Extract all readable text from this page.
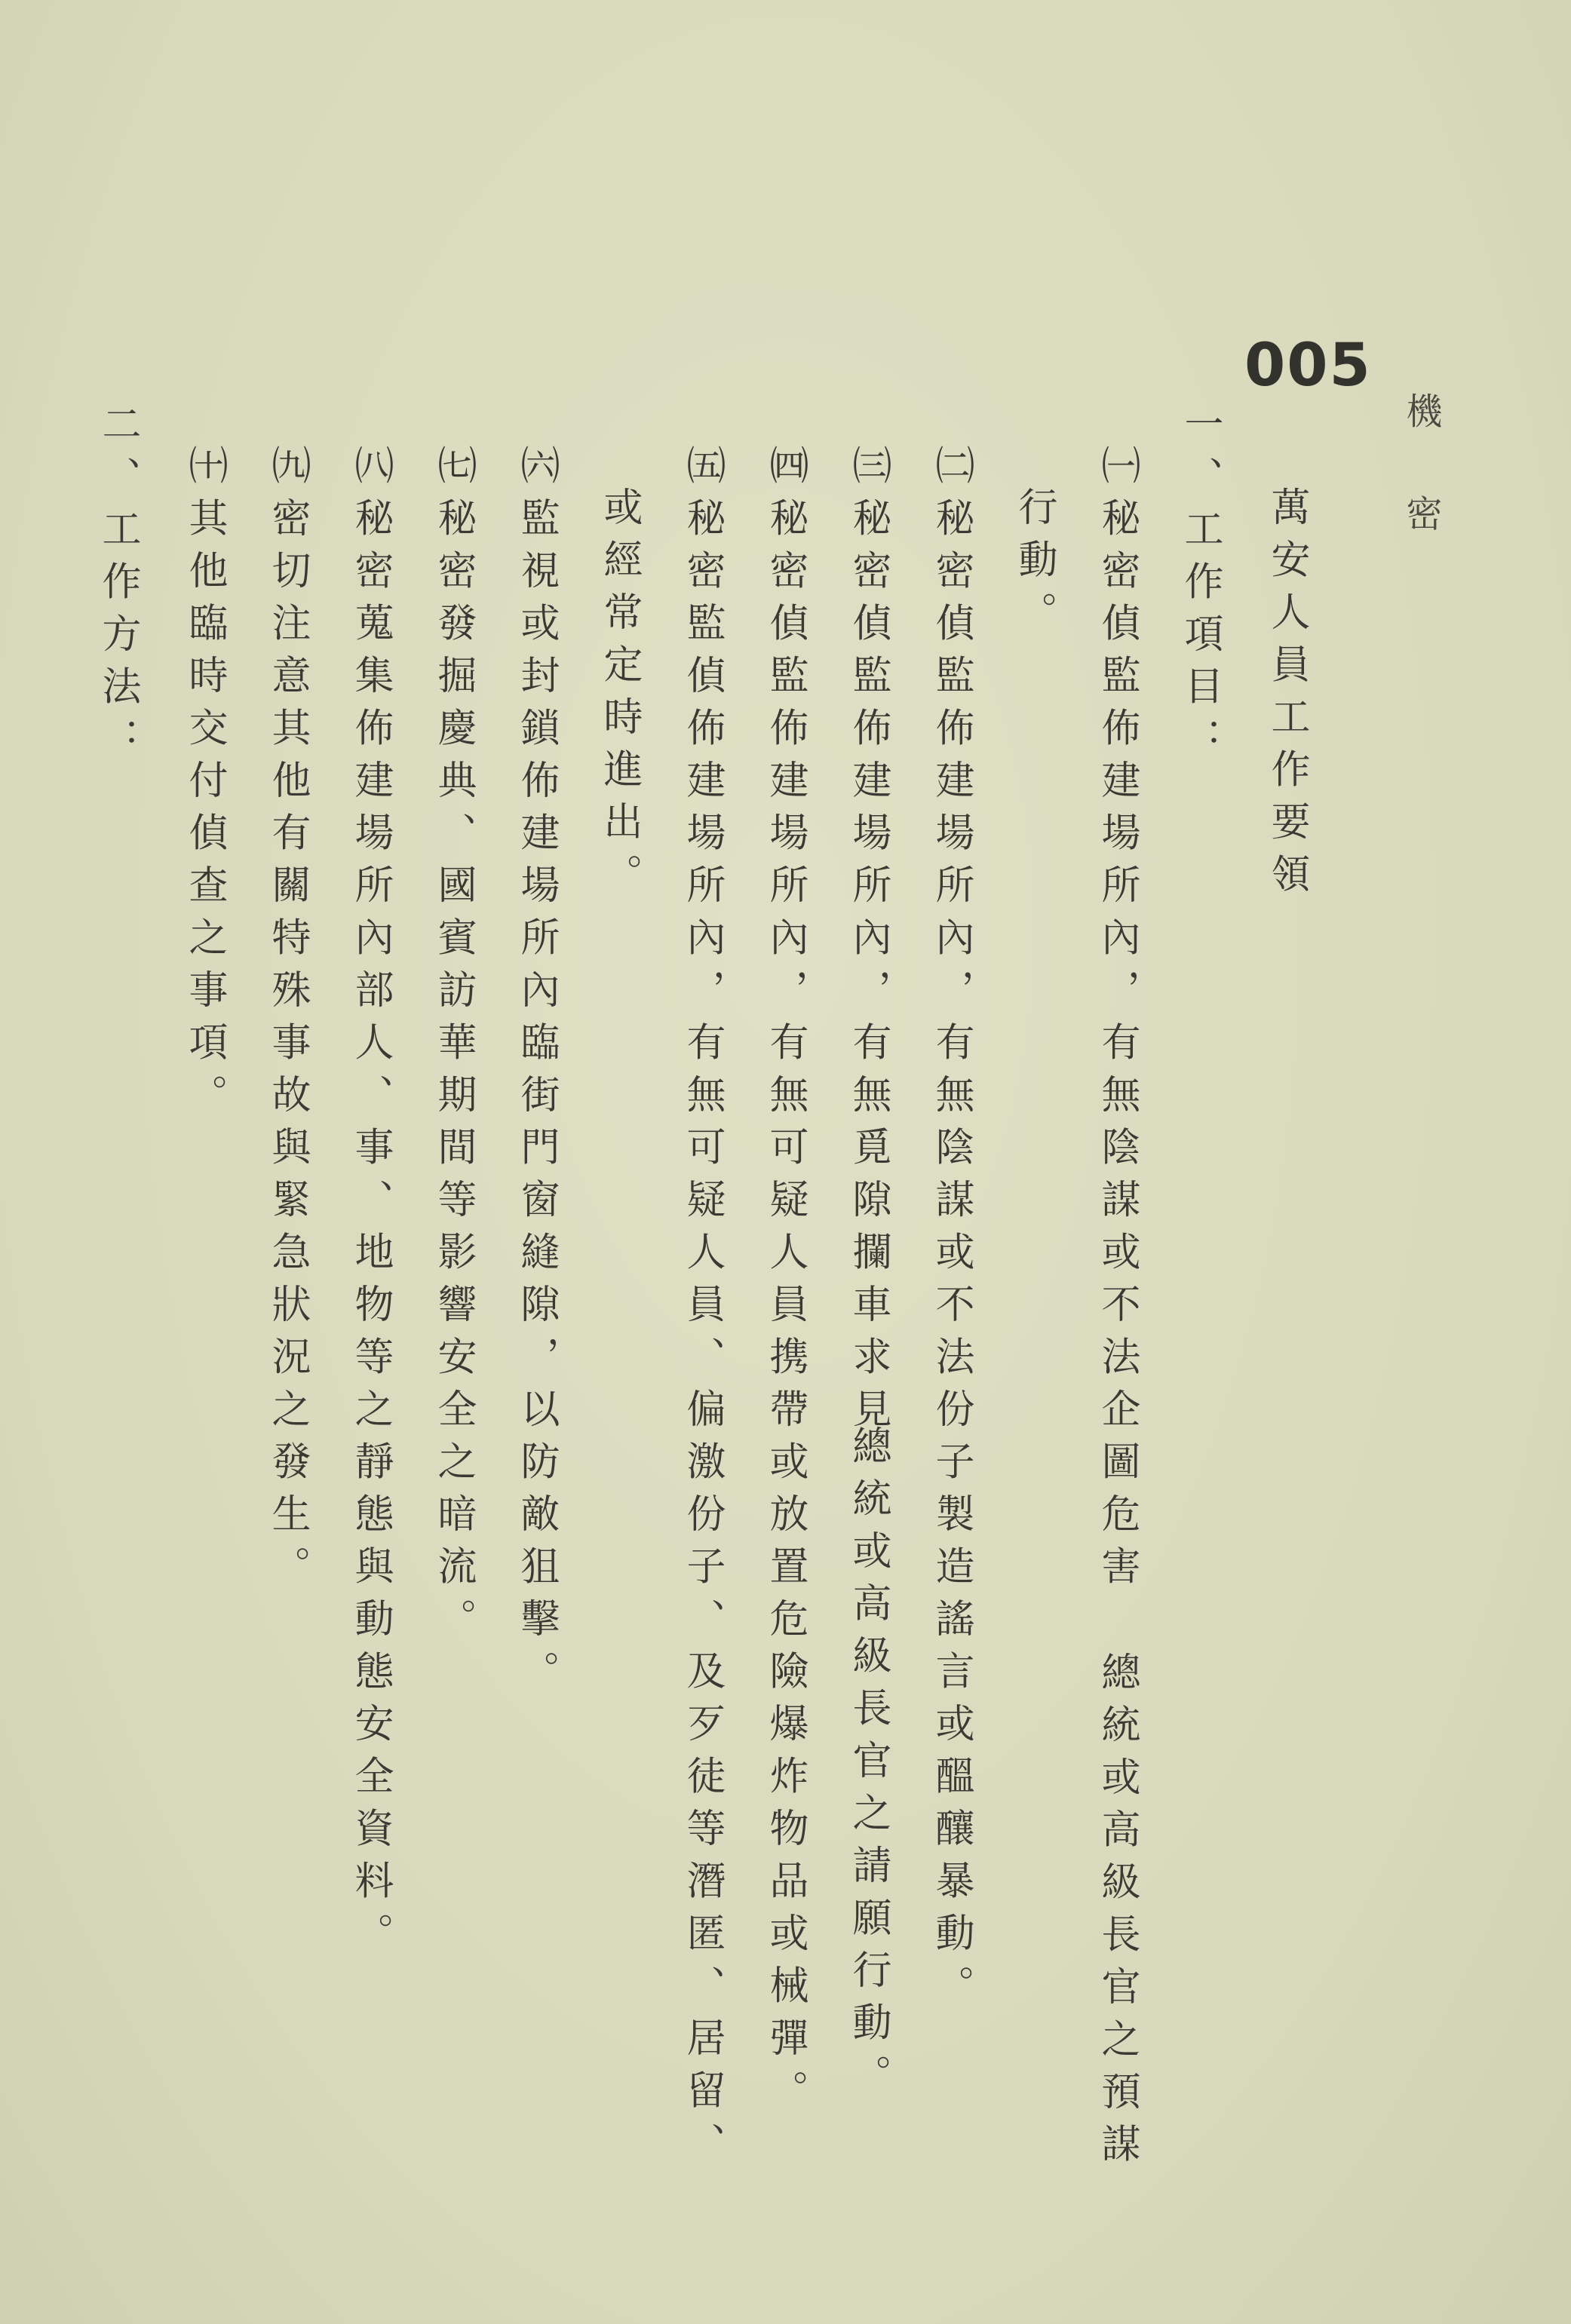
005
機密
萬安人員工作要領
一、工作項目：
㈠秘密偵監佈建場所內，有無陰謀或不法企圖危害
總統或高級長官之預謀
行動。
㈡秘密偵監佈建場所內，有無陰謀或不法份子製造謠言或醞釀暴動。
㈢秘密偵監佈建場所內，有無覓隙攔車求見
總統或高級長官之請願行動。
㈣秘密偵監佈建場所內，有無可疑人員携帶或放置危險爆炸物品或械彈。
㈤秘密監偵佈建場所內，有無可疑人員、偏激份子、及歹徒等潛匿、居留、
或經常定時進出。
㈥監視或封鎖佈建場所內臨街門窗縫隙，以防敵狙擊。
㈦秘密發掘慶典、國賓訪華期間等影響安全之暗流。
㈧秘密蒐集佈建場所內部人、事、地物等之靜態與動態安全資料。
㈨密切注意其他有關特殊事故與緊急狀況之發生。
㈩其他臨時交付偵查之事項。
二、工作方法：
